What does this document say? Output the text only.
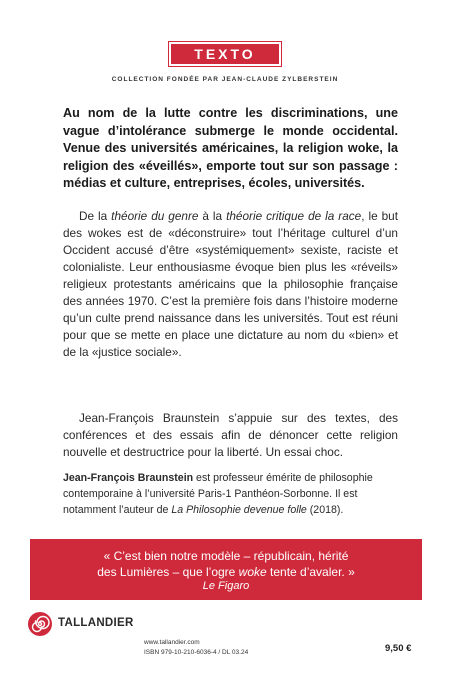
TEXTO
COLLECTION FONDÉE PAR JEAN-CLAUDE ZYLBERSTEIN
Au nom de la lutte contre les discriminations, une vague d’intolérance submerge le monde occidental. Venue des universités américaines, la religion woke, la religion des «éveillés», emporte tout sur son passage : médias et culture, entreprises, écoles, universités.

De la théorie du genre à la théorie critique de la race, le but des wokes est de «déconstruire» tout l’héritage culturel d’un Occident accusé d’être «systémiquement» sexiste, raciste et colonialiste. Leur enthousiasme évoque bien plus les «réveils» religieux protestants américains que la philosophie française des années 1970. C’est la première fois dans l’histoire moderne qu’un culte prend naissance dans les universités. Tout est réuni pour que se mette en place une dictature au nom du «bien» et de la «justice sociale».

Jean-François Braunstein s’appuie sur des textes, des conférences et des essais afin de dénoncer cette religion nouvelle et destructrice pour la liberté. Un essai choc.
Jean-François Braunstein est professeur émérite de philosophie contemporaine à l’université Paris-1 Panthéon-Sorbonne. Il est notamment l’auteur de La Philosophie devenue folle (2018).
« C’est bien notre modèle – républicain, hérité
des Lumières – que l’ogre woke tente d’avaler. »
Le Figaro
TALLANDIER
www.tallandier.com
ISBN 979-10-210-6036-4 / DL 03.24	9,50 €
